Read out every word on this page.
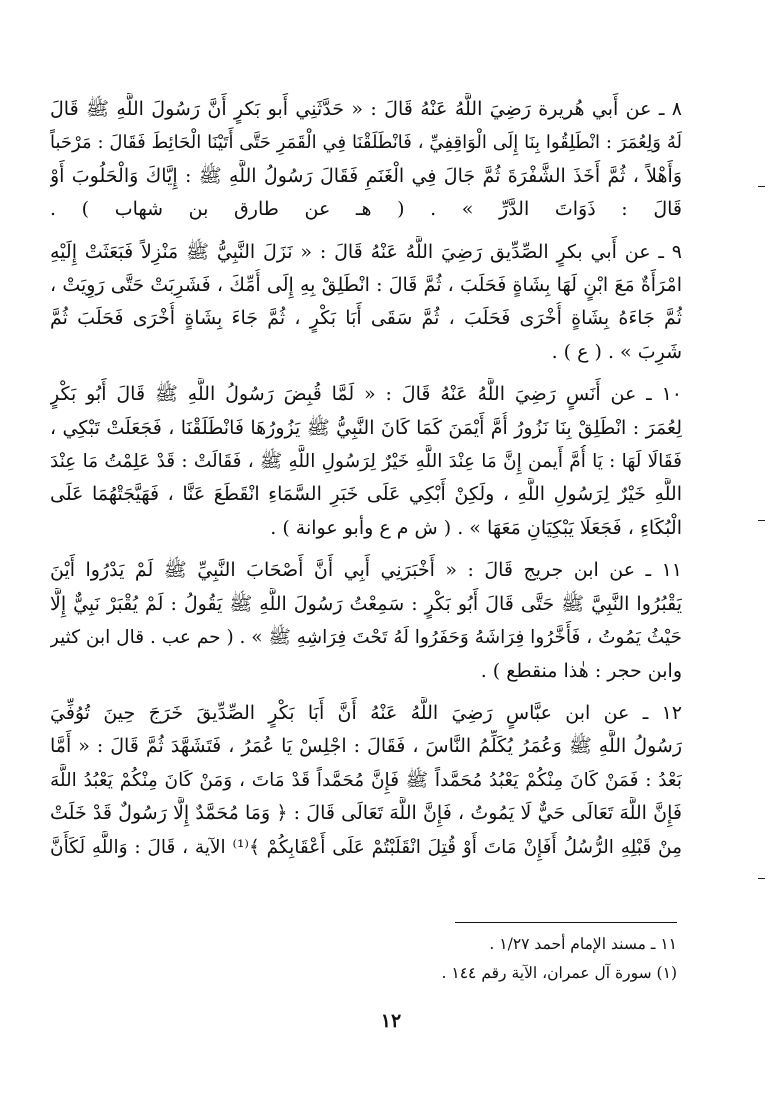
٨ ـ عن أَبي هُريرة رَضِيَ اللَّهُ عَنْهُ قَالَ : « حَدَّثَنِي أَبو بَكرٍ أَنَّ رَسُولَ اللَّهِ ﷺ قَالَ
لَهُ وَلِعُمَرَ : انْطَلِقُوا بِنَا إِلَى الْوَاقِفِيِّ ، فَانْطَلَقْنَا فِي الْقَمَرِ حَتَّى أَتَيْنَا الْحَائِطَ فَقَالَ : مَرْحَباً
وَأَهْلاً ، ثُمَّ أَخَذَ الشَّفْرَةَ ثُمَّ جَالَ فِي الْغَنَمِ فَقَالَ رَسُولُ اللَّهِ ﷺ : إِيَّاكَ وَالْحَلُوبَ أَوْ
قَالَ : ذَوَاتَ الدَّرِّ » . ( هـ عن طارق بن شهاب ) .
٩ ـ عن أَبي بكرٍ الصِّدِّيق رَضِيَ اللَّهُ عَنْهُ قَالَ : « نَزَلَ النَّبِيُّ ﷺ مَنْزِلاً فَبَعَثَتْ إِلَيْهِ
امْرَأَةٌ مَعَ ابْنٍ لَهَا بِشَاةٍ فَحَلَبَ ، ثُمَّ قَالَ : انْطَلِقْ بِهِ إِلَى أُمِّكَ ، فَشَرِبَتْ حَتَّى رَوِيَتْ ،
ثُمَّ جَاءَهُ بِشَاةٍ أُخْرَى فَحَلَبَ ، ثُمَّ سَقَى أَبَا بَكْرٍ ، ثُمَّ جَاءَ بِشَاةٍ أُخْرَى فَحَلَبَ ثُمَّ
شَرِبَ » . ( ع ) .
١٠ ـ عن أَنَسٍ رَضِيَ اللَّهُ عَنْهُ قَالَ : « لَمَّا قُبِضَ رَسُولُ اللَّهِ ﷺ قَالَ أَبُو بَكْرٍ
لِعُمَرَ : انْطَلِقْ بِنَا نَزُورُ أُمَّ أَيْمَنَ كَمَا كَانَ النَّبِيُّ ﷺ يَزُورُهَا فَانْطَلَقْنَا ، فَجَعَلَتْ تَبْكِي ،
فَقَالَا لَهَا : يَا أُمَّ أَيمن إِنَّ مَا عِنْدَ اللَّهِ خَيْرٌ لِرَسُولِ اللَّهِ ﷺ ، فَقَالَتْ : قَدْ عَلِمْتُ مَا عِنْدَ
اللَّهِ خَيْرٌ لِرَسُولِ اللَّهِ ، ولَكِنْ أَبْكِي عَلَى خَبَرِ السَّمَاءِ انْقَطَعَ عَنَّا ، فَهَيَّجَتْهُمَا عَلَى
الْبُكَاءِ ، فَجَعَلَا يَبْكِيَانِ مَعَهَا » . ( ش م ع وأبو عوانة ) .
١١ ـ عن ابن جريج قَالَ : « أَخْبَرَنِي أَبِي أَنَّ أَصْحَابَ النَّبِيِّ ﷺ لَمْ يَدْرُوا أَيْنَ
يَقْبُرُوا النَّبِيَّ ﷺ حَتَّى قَالَ أَبُو بَكْرٍ : سَمِعْتُ رَسُولَ اللَّهِ ﷺ يَقُولُ : لَمْ يُقْبَرْ نَبِيٌّ إِلَّا
حَيْثُ يَمُوتُ ، فَأَخَّرُوا فِرَاشَهُ وَحَفَرُوا لَهُ تَحْتَ فِرَاشِهِ ﷺ » . ( حم عب . قال ابن كثير
وابن حجر : هٰذا منقطع ) .
١٢ ـ عن ابن عبَّاسٍ رَضِيَ اللَّهُ عَنْهُ أَنَّ أَبَا بَكْرٍ الصِّدِّيقَ خَرَجَ حِينَ تُوُفِّيَ
رَسُولُ اللَّهِ ﷺ وَعُمَرُ يُكَلِّمُ النَّاسَ ، فَقَالَ : اجْلِسْ يَا عُمَرُ ، فَتَشَهَّدَ ثُمَّ قَالَ : « أَمَّا
بَعْدُ : فَمَنْ كَانَ مِنْكُمْ يَعْبُدُ مُحَمَّداً ﷺ فَإِنَّ مُحَمَّداً قَدْ مَاتَ ، وَمَنْ كَانَ مِنْكُمْ يَعْبُدُ اللَّهَ
فَإِنَّ اللَّهَ تَعَالَى حَيٌّ لَا يَمُوتُ ، فَإِنَّ اللَّهَ تَعَالَى قَالَ : ﴿ وَمَا مُحَمَّدٌ إِلَّا رَسُولٌ قَدْ خَلَتْ
مِنْ قَبْلِهِ الرُّسُلُ أَفَإِنْ مَاتَ أَوْ قُتِلَ انْقَلَبْتُمْ عَلَى أَعْقَابِكُمْ ﴾⁽¹⁾ الآية ، قَالَ : وَاللَّهِ لَكَأَنَّ
١١ ـ مسند الإمام أحمد ١/٢٧ .
(١) سورة آل عمران، الآية رقم ١٤٤ .
١٢
